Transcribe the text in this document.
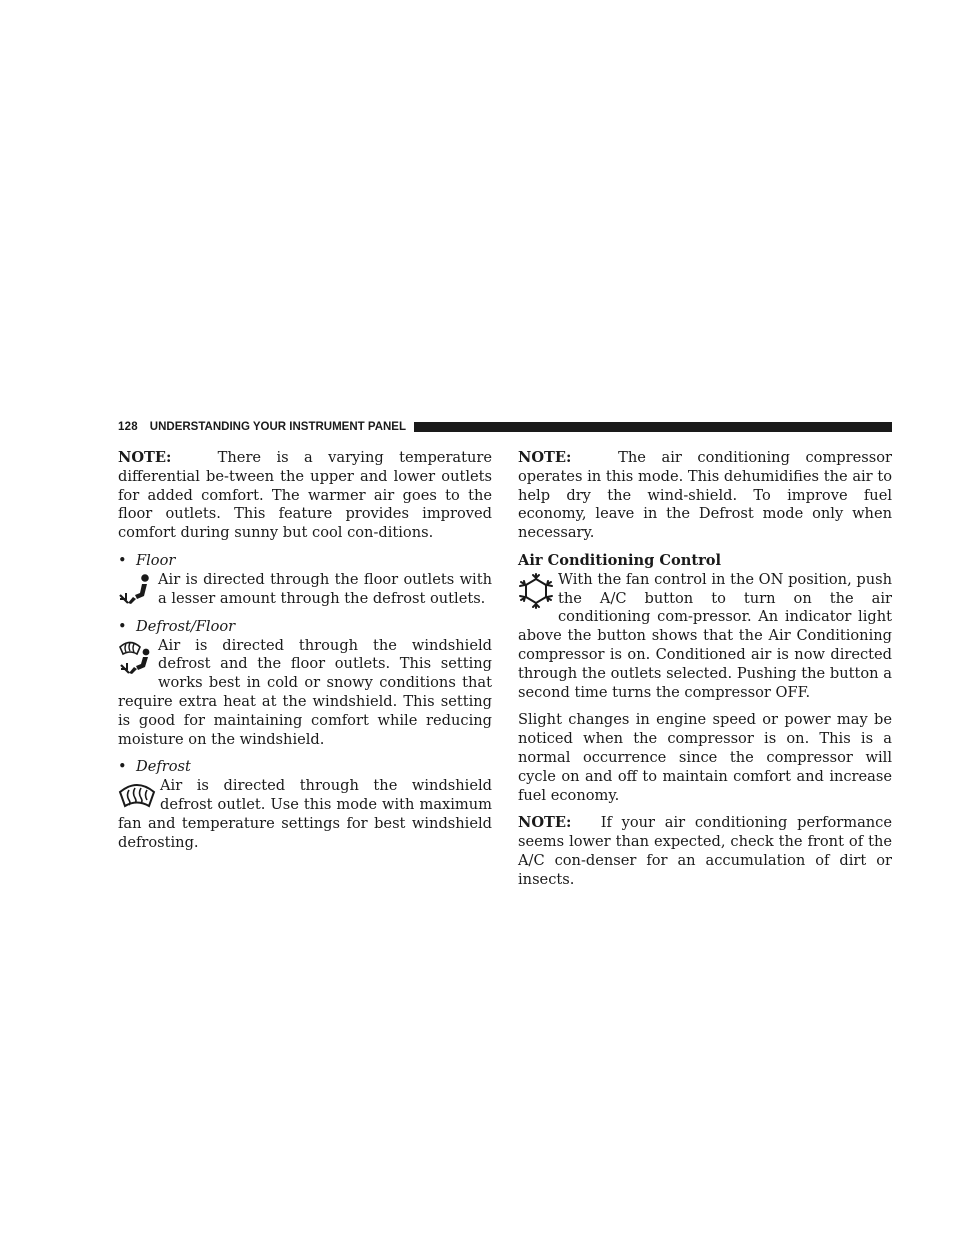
128 UNDERSTANDING YOUR INSTRUMENT PANEL

NOTE:	There is a varying temperature differential be-tween the upper and lower outlets for added comfort. The warmer air goes to the floor outlets. This feature provides improved comfort during sunny but cool con-ditions.

• Floor

Air is directed through the floor outlets with a lesser amount through the defrost outlets.

• Defrost/Floor

Air is directed through the windshield defrost and the floor outlets. This setting works best in cold or snowy conditions that require extra heat at the windshield. This setting is good for maintaining comfort while reducing moisture on the windshield.

• Defrost

Air is directed through the windshield defrost outlet. Use this mode with maximum fan and temperature settings for best windshield defrosting.

NOTE:	The air conditioning compressor operates in this mode. This dehumidifies the air to help dry the wind-shield. To improve fuel economy, leave in the Defrost mode only when necessary.

Air Conditioning Control

With the fan control in the ON position, push the A/C button to turn on the air conditioning com-pressor. An indicator light above the button shows that the Air Conditioning compressor is on. Conditioned air is now directed through the outlets selected. Pushing the button a second time turns the compressor OFF.

Slight changes in engine speed or power may be noticed when the compressor is on. This is a normal occurrence since the compressor will cycle on and off to maintain comfort and increase fuel economy.

NOTE: If your air conditioning performance seems lower than expected, check the front of the A/C con-denser for an accumulation of dirt or insects.
